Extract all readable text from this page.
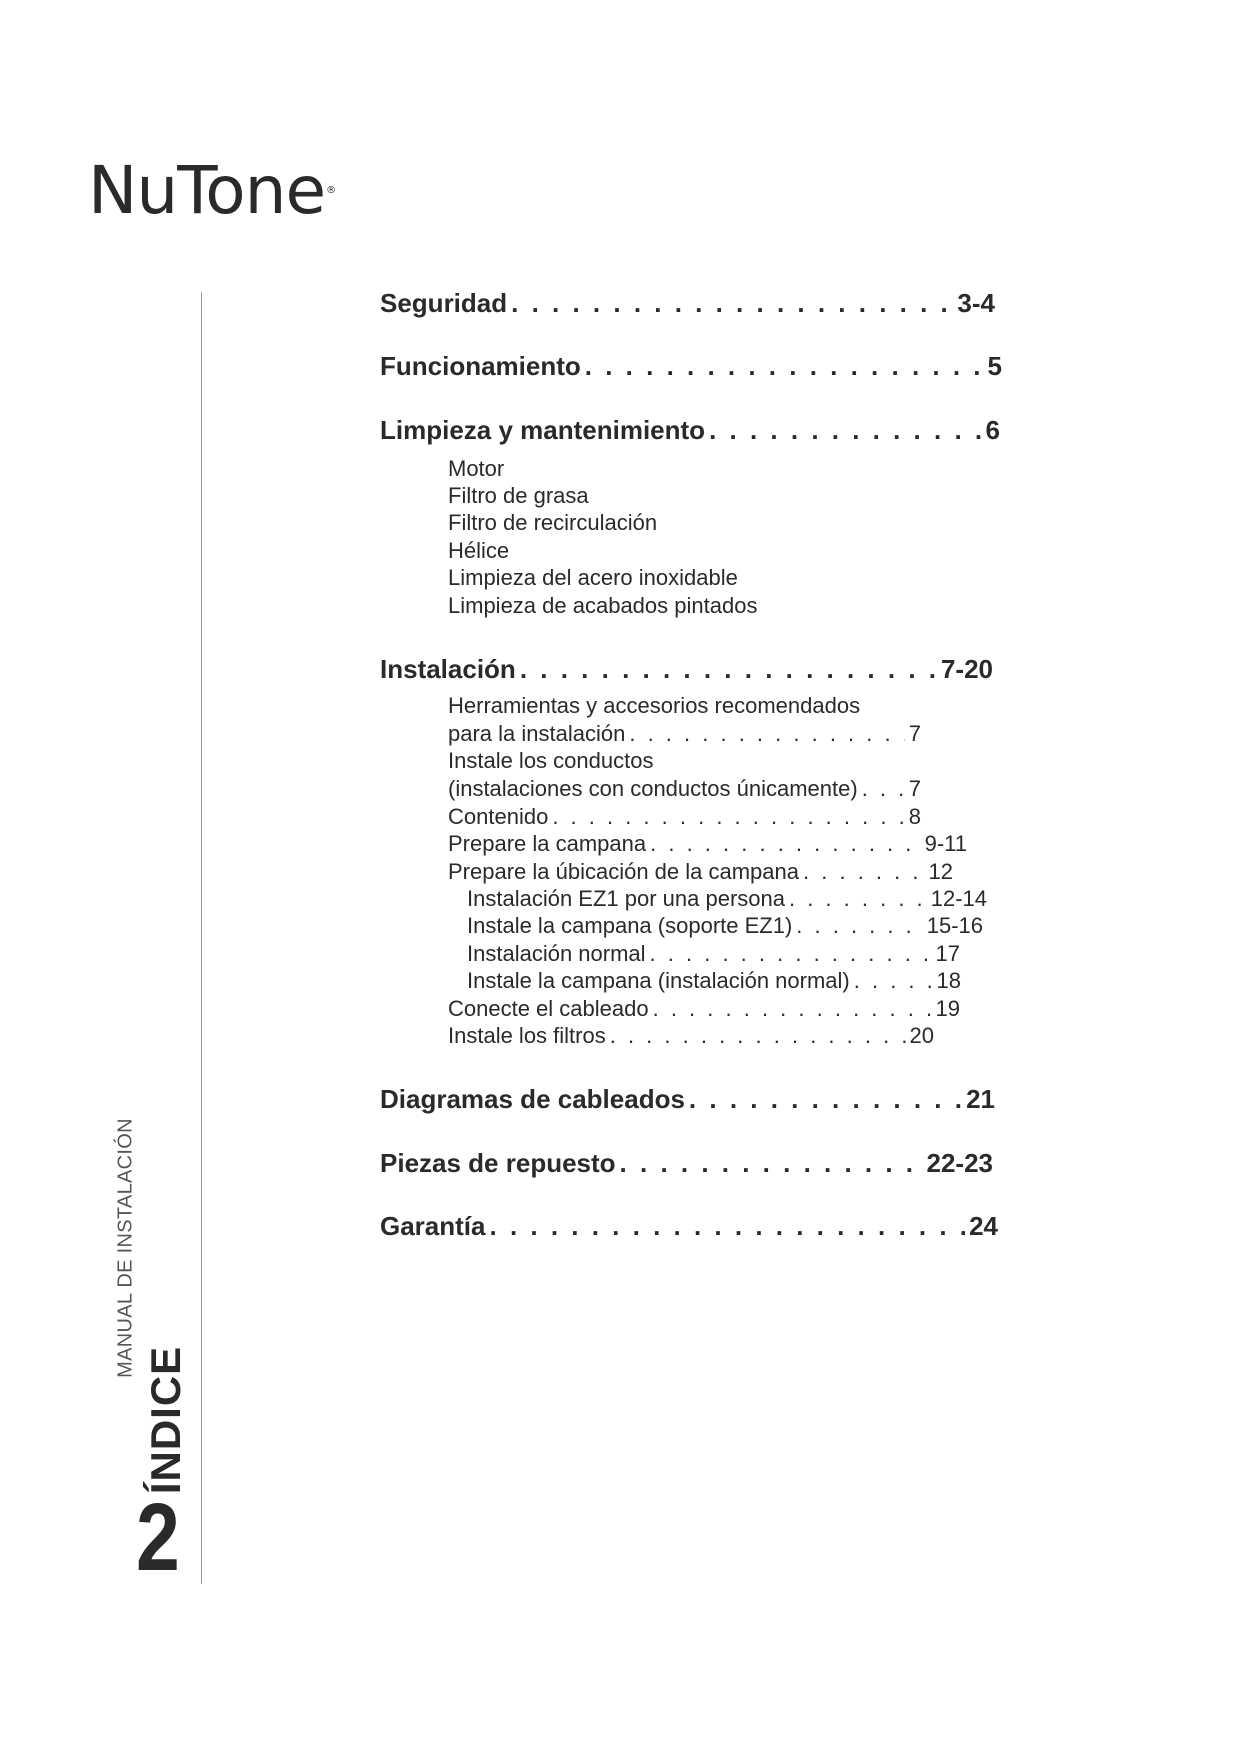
NuTone®
MANUAL DE INSTALACIÓN
ÍNDICE
2
Seguridad . . .	3-4
Funcionamiento . . .	5
Limpieza y mantenimiento . . .	6
Motor
Filtro de grasa
Filtro de recirculación
Hélice
Limpieza del acero inoxidable
Limpieza de acabados pintados
Instalación . . .	7-20
Herramientas y accesorios recomendados
para la instalación . . .	7
Instale los conductos
(instalaciones con conductos únicamente) . . . 7
Contenido . . .	8
Prepare la campana . . .	9-11
Prepare la úbicación de la campana . . .	12
Instalación EZ1 por una persona . . .	12-14
Instale la campana (soporte EZ1) . . .	15-16
Instalación normal . . .	17
Instale la campana (instalación normal) . . .	18
Conecte el cableado . . .	19
Instale los filtros . . .	20
Diagramas de cableados . . .	21
Piezas de repuesto . . .	22-23
Garantía . . .	24
